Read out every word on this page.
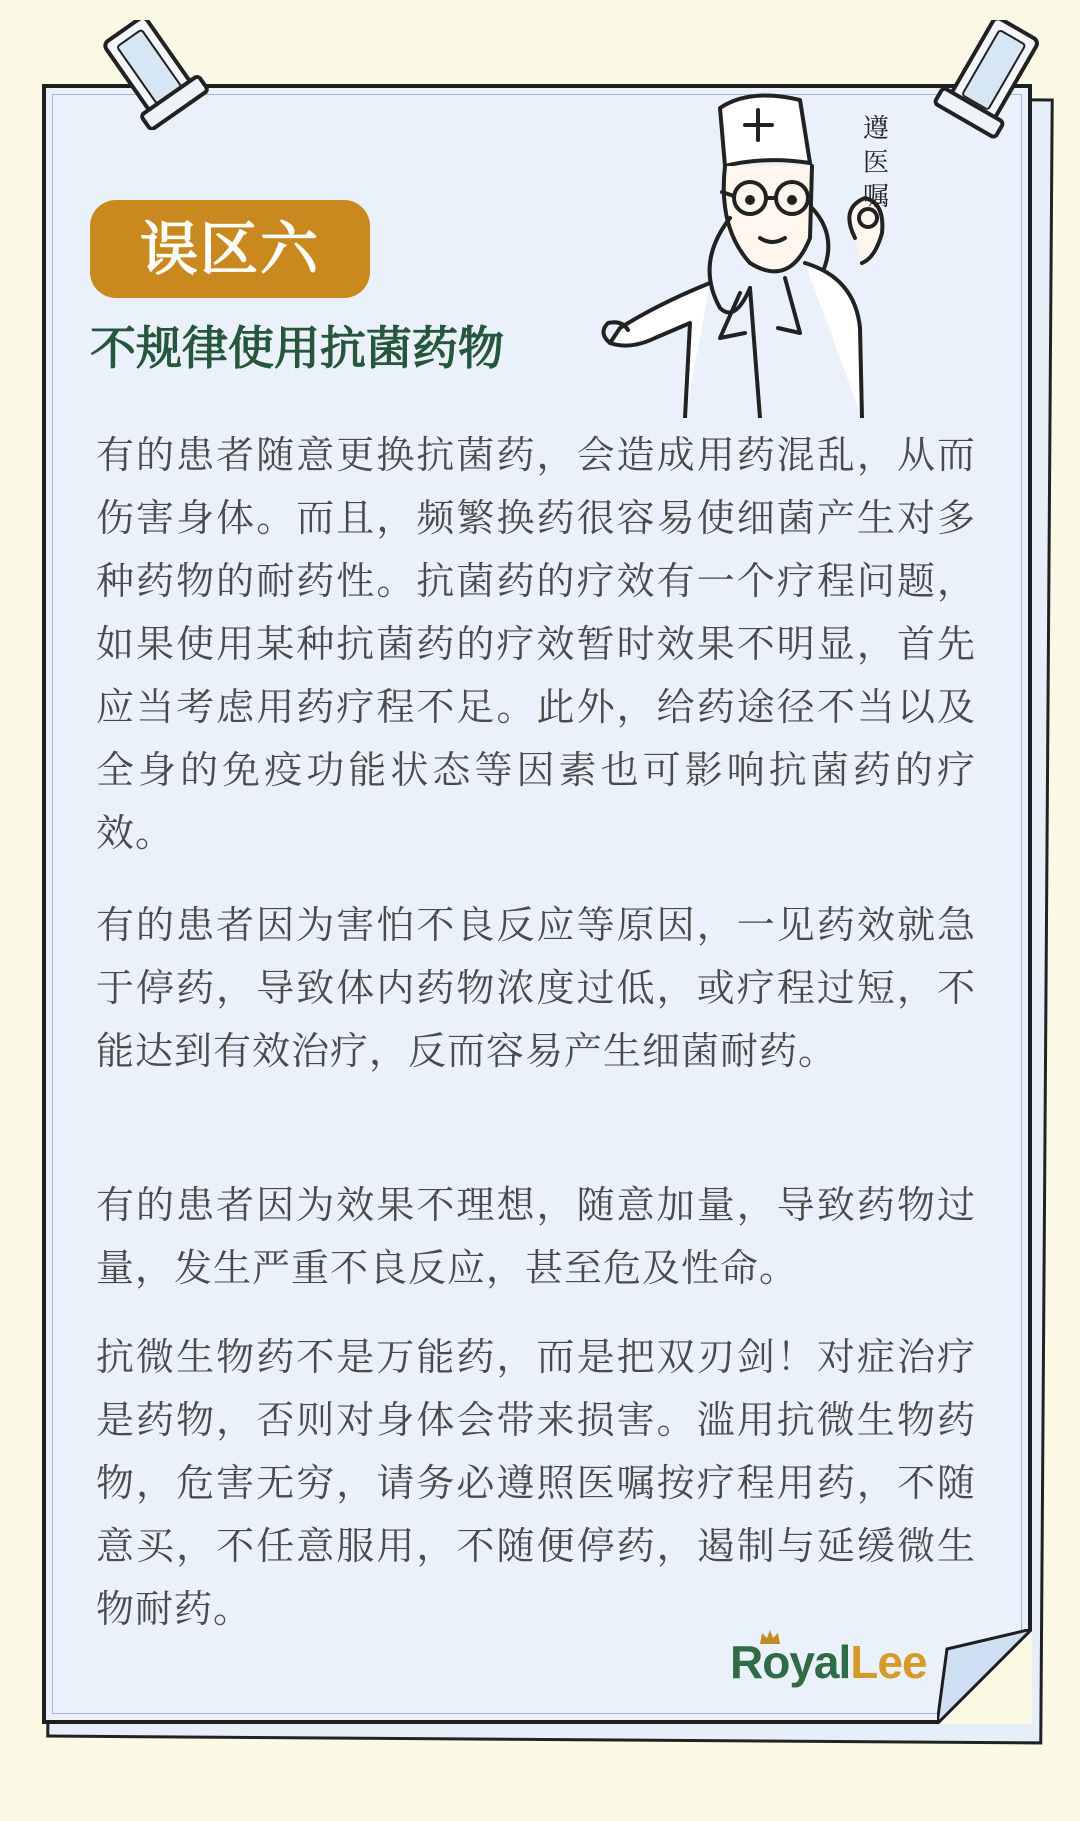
误区六
不规律使用抗菌药物
遵
医
嘱

有的患者随意更换抗菌药，会造成用药混乱，从而伤害身体。而且，频繁换药很容易使细菌产生对多种药物的耐药性。抗菌药的疗效有一个疗程问题，如果使用某种抗菌药的疗效暂时效果不明显，首先应当考虑用药疗程不足。此外，给药途径不当以及全身的免疫功能状态等因素也可影响抗菌药的疗效。

有的患者因为害怕不良反应等原因，一见药效就急于停药，导致体内药物浓度过低，或疗程过短，不能达到有效治疗，反而容易产生细菌耐药。

有的患者因为效果不理想，随意加量，导致药物过量，发生严重不良反应，甚至危及性命。

抗微生物药不是万能药，而是把双刃剑！对症治疗是药物，否则对身体会带来损害。滥用抗微生物药物，危害无穷，请务必遵照医嘱按疗程用药，不随意买，不任意服用，不随便停药，遏制与延缓微生物耐药。

RoyalLee
